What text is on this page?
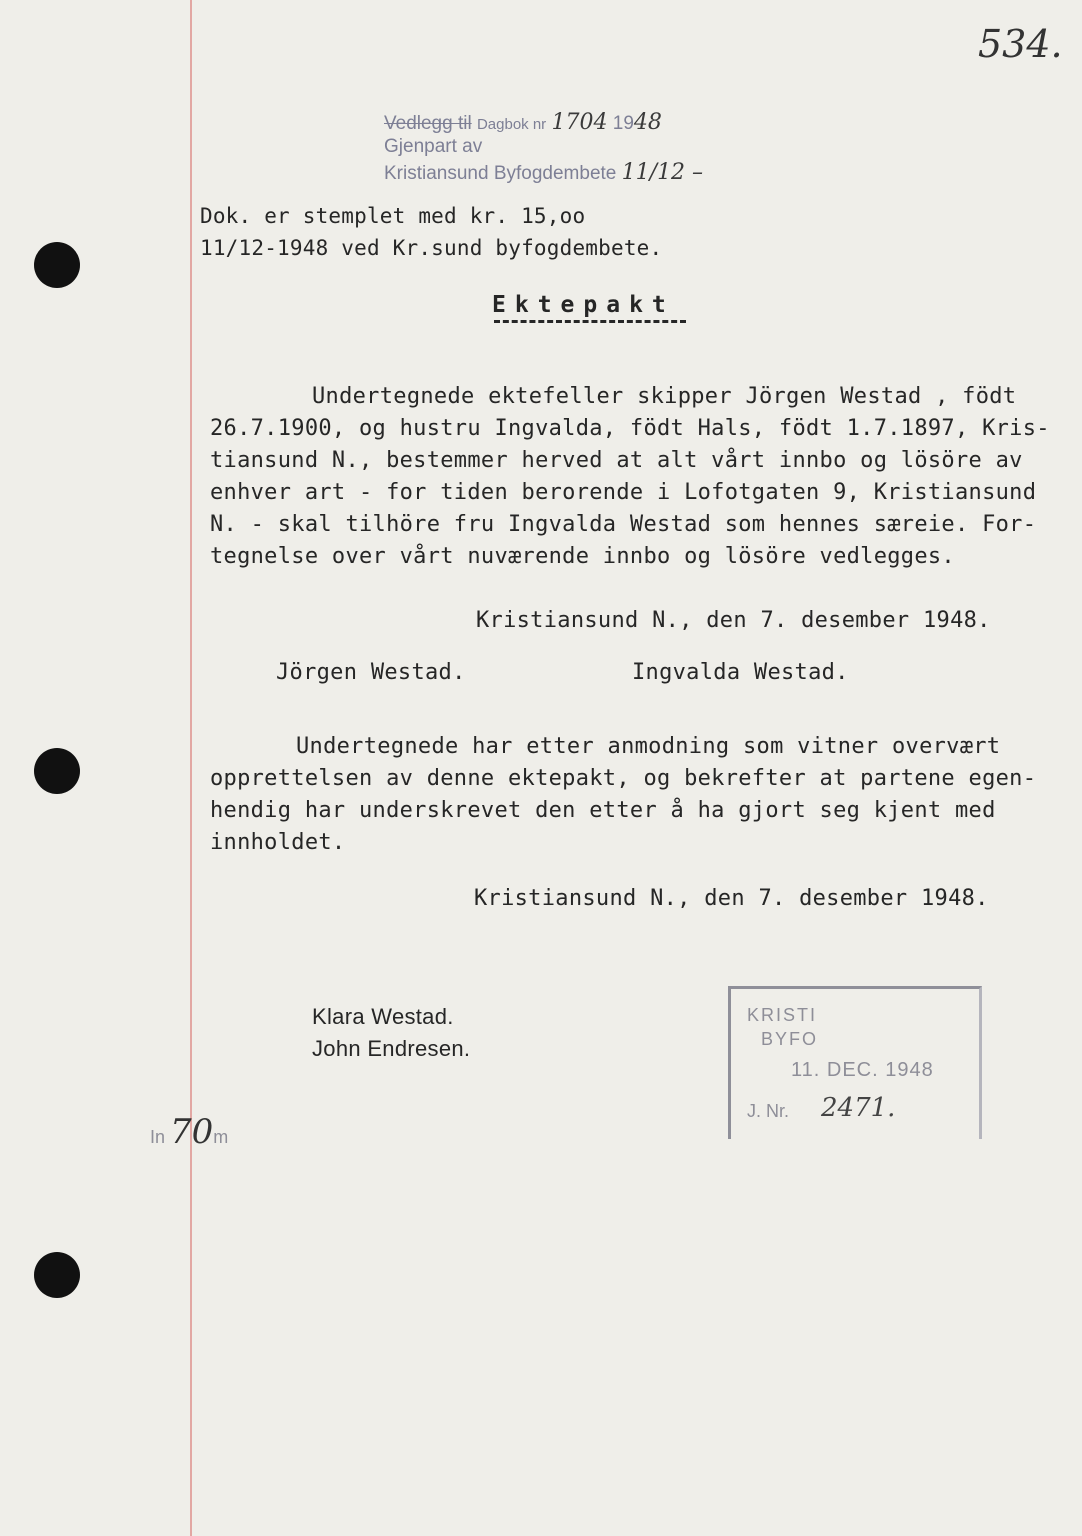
534.
Vedlegg til Dagbok nr 1704 1948
Gjenpart av
Kristiansund Byfogdembete 11/12 –
Dok. er stemplet med kr. 15,oo
11/12-1948 ved Kr.sund byfogdembete.
Ektepakt
Undertegnede ektefeller skipper Jörgen Westad , födt
26.7.1900, og hustru Ingvalda, födt Hals, födt 1.7.1897, Kris-
tiansund N., bestemmer herved at alt vårt innbo og lösöre av
enhver art - for tiden berorende i Lofotgaten 9, Kristiansund
N. - skal tilhöre fru Ingvalda Westad som hennes særeie. For-
tegnelse over vårt nuværende innbo og lösöre vedlegges.
Kristiansund N., den 7. desember 1948.
Jörgen Westad.	Ingvalda Westad.
Undertegnede har etter anmodning som vitner overvært
opprettelsen av denne ektepakt, og bekrefter at partene egen-
hendig har underskrevet den etter å ha gjort seg kjent med
innholdet.
Kristiansund N., den 7. desember 1948.
Klara Westad.
John Endresen.
KRISTI
BYFO
11. DEC. 1948
J. Nr. 2471.
In 70m
